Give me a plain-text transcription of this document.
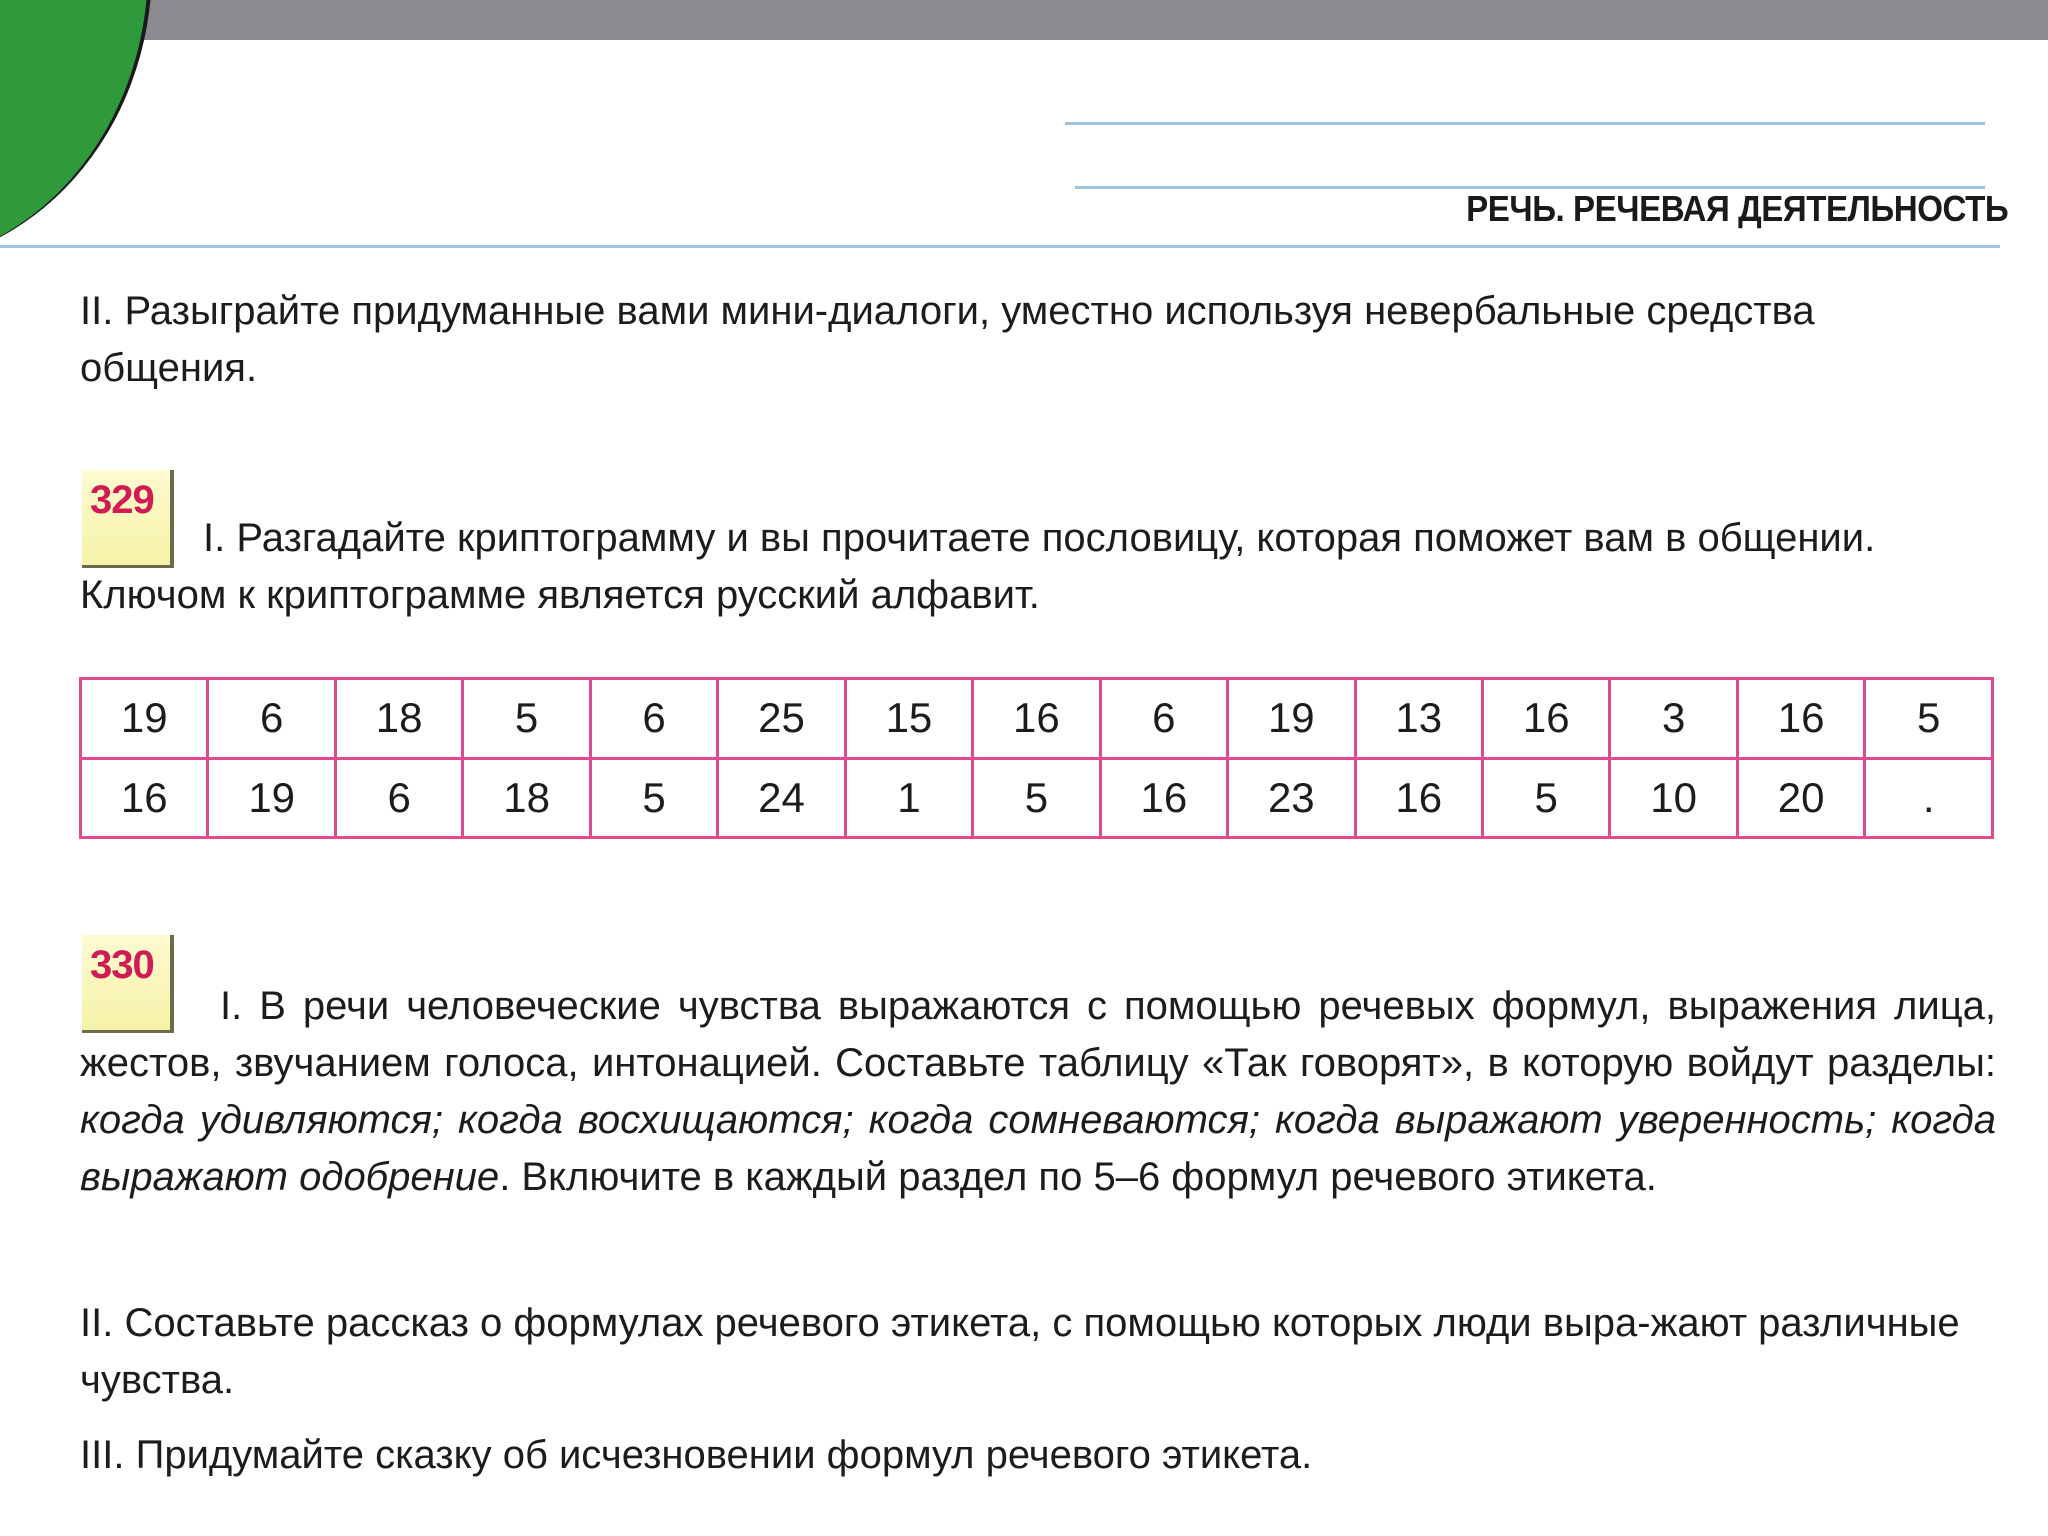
РЕЧЬ. РЕЧЕВАЯ ДЕЯТЕЛЬНОСТЬ

II. Разыграйте придуманные вами мини-диалоги, уместно используя невербальные средства общения.

329

I. Разгадайте криптограмму и вы прочитаете пословицу, которая поможет вам в общении. Ключом к криптограмме является русский алфавит.

19	6	18	5	6	25	15	16	6	19	13	16	3	16	5
16	19	6	18	5	24	1	5	16	23	16	5	10	20	.
330

I. В речи человеческие чувства выражаются с помощью речевых формул, выражения лица, жестов, звучанием голоса, интонацией. Составьте таблицу «Так говорят», в которую войдут разделы: когда удивляются; когда восхищаются; когда сомневаются; когда выражают уверенность; когда выражают одобрение. Включите в каждый раздел по 5–6 формул речевого этикета.

II. Составьте рассказ о формулах речевого этикета, с помощью которых люди выра-жают различные чувства.

III. Придумайте сказку об исчезновении формул речевого этикета.
